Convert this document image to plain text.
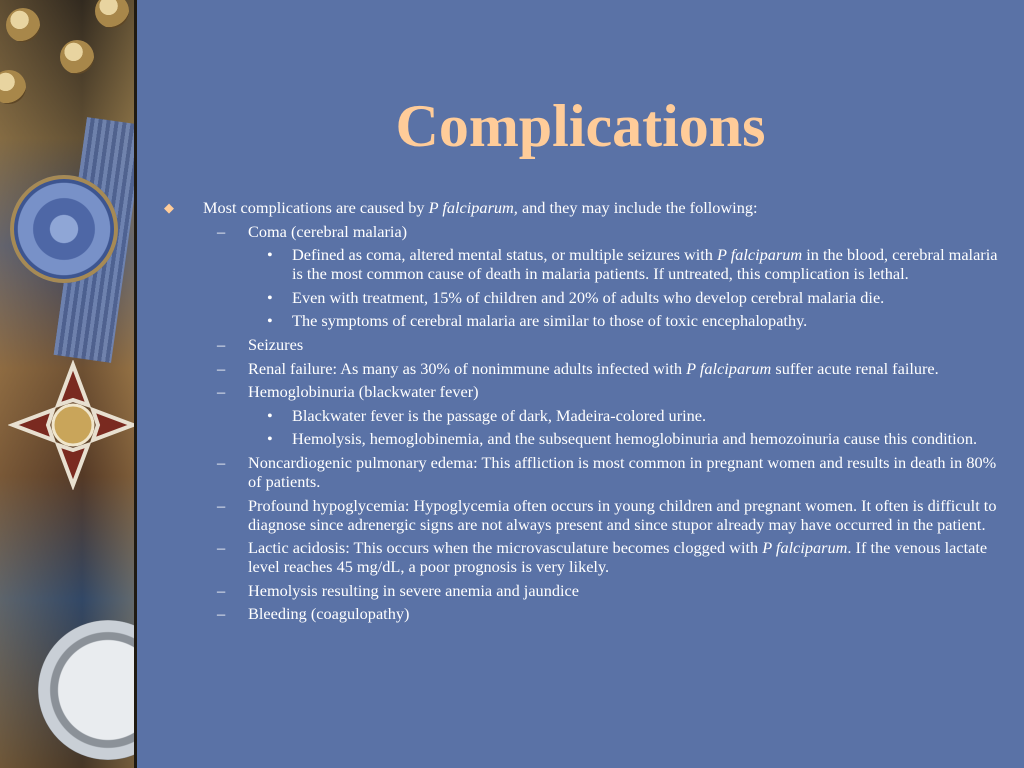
Complications
◆ Most complications are caused by P falciparum, and they may include the following:
– Coma (cerebral malaria)
• Defined as coma, altered mental status, or multiple seizures with P falciparum in the blood, cerebral malaria is the most common cause of death in malaria patients. If untreated, this complication is lethal.
• Even with treatment, 15% of children and 20% of adults who develop cerebral malaria die.
• The symptoms of cerebral malaria are similar to those of toxic encephalopathy.
– Seizures
– Renal failure: As many as 30% of nonimmune adults infected with P falciparum suffer acute renal failure.
– Hemoglobinuria (blackwater fever)
• Blackwater fever is the passage of dark, Madeira-colored urine.
• Hemolysis, hemoglobinemia, and the subsequent hemoglobinuria and hemozoinuria cause this condition.
– Noncardiogenic pulmonary edema: This affliction is most common in pregnant women and results in death in 80% of patients.
– Profound hypoglycemia: Hypoglycemia often occurs in young children and pregnant women. It often is difficult to diagnose since adrenergic signs are not always present and since stupor already may have occurred in the patient.
– Lactic acidosis: This occurs when the microvasculature becomes clogged with P falciparum. If the venous lactate level reaches 45 mg/dL, a poor prognosis is very likely.
– Hemolysis resulting in severe anemia and jaundice
– Bleeding (coagulopathy)
